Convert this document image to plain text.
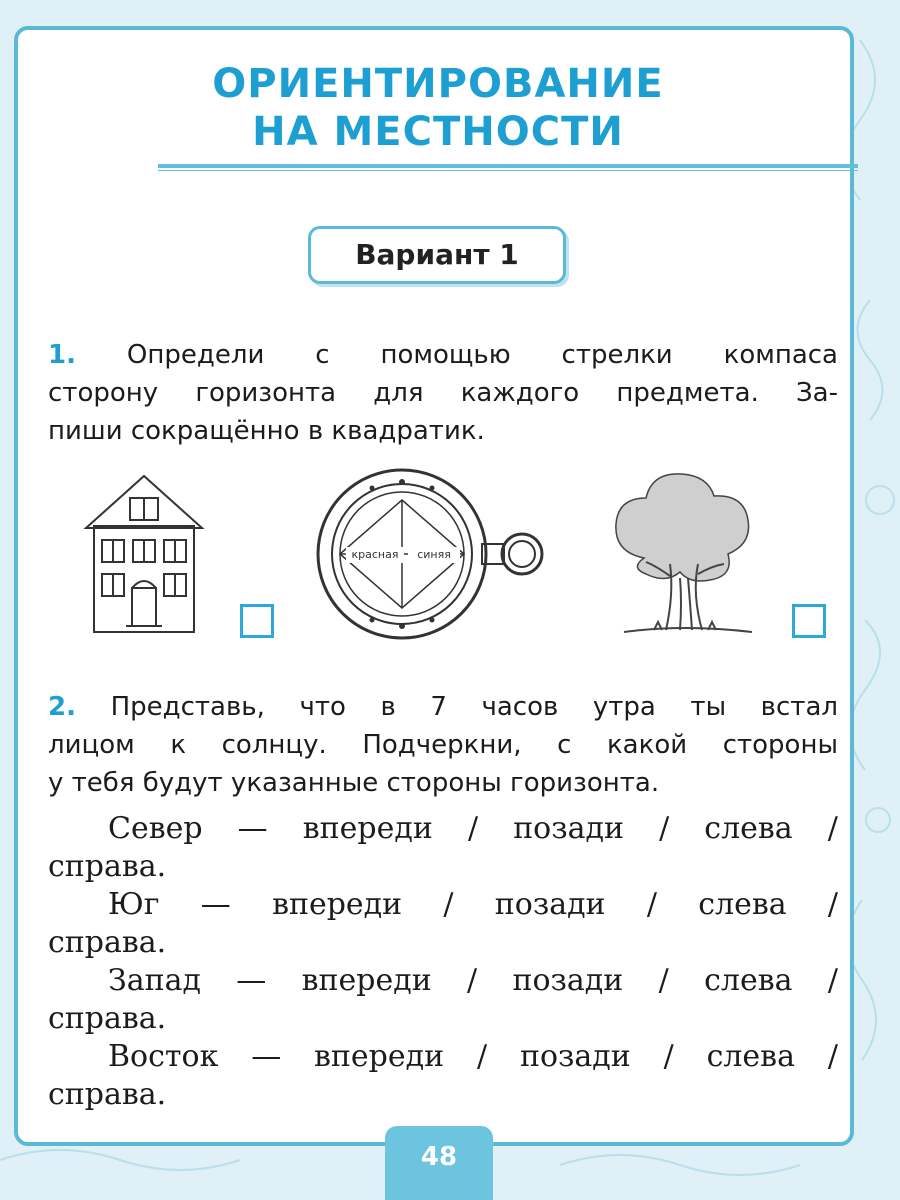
ОРИЕНТИРОВАНИЕ
НА МЕСТНОСТИ
Вариант 1
1. Определи с помощью стрелки компаса
сторону горизонта для каждого предмета. За-
пиши сокращённо в квадратик.
красная	синяя
2. Представь, что в 7 часов утра ты встал
лицом к солнцу. Подчеркни, с какой стороны
у тебя будут указанные стороны горизонта.
Север — впереди / позади / слева /
справа.
Юг — впереди / позади / слева /
справа.
Запад — впереди / позади / слева /
справа.
Восток — впереди / позади / слева /
справа.
48
